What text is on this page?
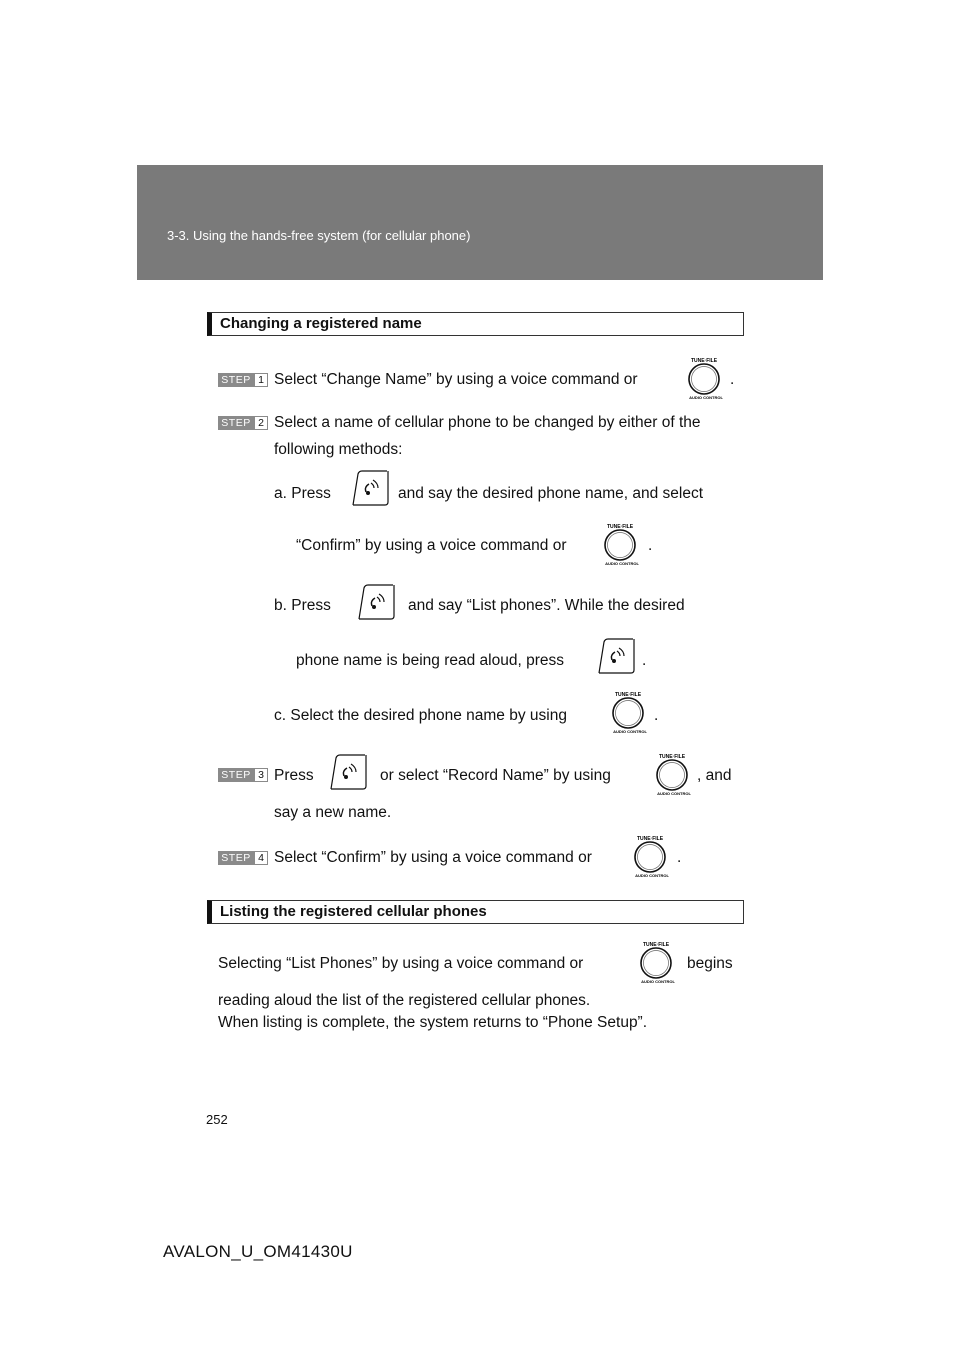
3-3. Using the hands-free system (for cellular phone)
Changing a registered name
STEP 1 Select “Change Name” by using a voice command or
TUNE·FILE
AUDIO CONTROL
.
STEP 2 Select a name of cellular phone to be changed by either of the
following methods:
a. Press	and say the desired phone name, and select
“Confirm” by using a voice command or
TUNE·FILE
AUDIO CONTROL
.
b. Press	and say “List phones”. While the desired
phone name is being read aloud, press	.
c. Select the desired phone name by using
TUNE·FILE
AUDIO CONTROL
.
STEP 3 Press	or select “Record Name” by using
TUNE·FILE
AUDIO CONTROL
, and
say a new name.
STEP 4 Select “Confirm” by using a voice command or
TUNE·FILE
AUDIO CONTROL
.
Listing the registered cellular phones
Selecting “List Phones” by using a voice command or
TUNE·FILE
AUDIO CONTROL
begins
reading aloud the list of the registered cellular phones.
When listing is complete, the system returns to “Phone Setup”.
252
AVALON_U_OM41430U
